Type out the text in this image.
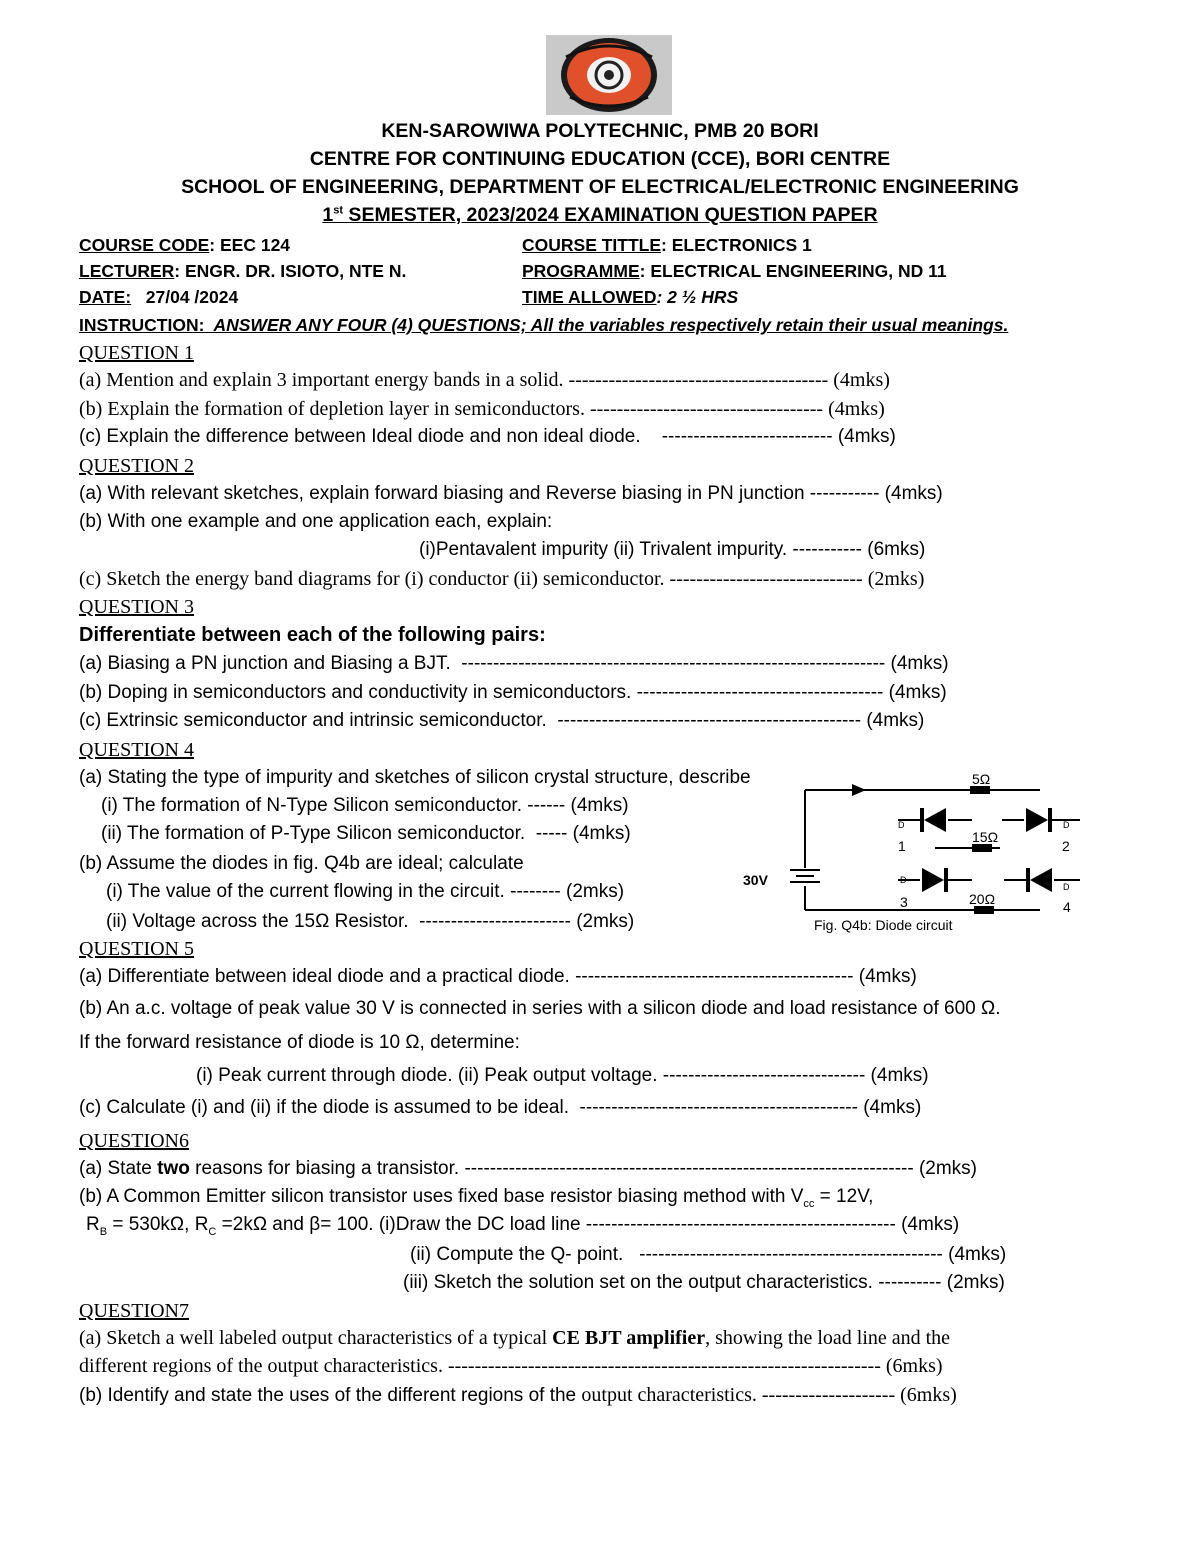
KEN-SAROWIWA POLYTECHNIC, PMB 20 BORI
CENTRE FOR CONTINUING EDUCATION (CCE), BORI CENTRE
SCHOOL OF ENGINEERING, DEPARTMENT OF ELECTRICAL/ELECTRONIC ENGINEERING
1st SEMESTER, 2023/2024 EXAMINATION QUESTION PAPER
COURSE CODE: EEC 124	COURSE TITTLE: ELECTRONICS 1
LECTURER: ENGR. DR. ISIOTO, NTE N.	PROGRAMME: ELECTRICAL ENGINEERING, ND 11
DATE:   27/04 /2024	TIME ALLOWED: 2 ½ HRS
INSTRUCTION:  ANSWER ANY FOUR (4) QUESTIONS; All the variables respectively retain their usual meanings.
QUESTION 1
(a) Mention and explain 3 important energy bands in a solid. --------------------------------------- (4mks)
(b) Explain the formation of depletion layer in semiconductors. ----------------------------------- (4mks)
(c) Explain the difference between Ideal diode and non ideal diode.    --------------------------- (4mks)
QUESTION 2
(a) With relevant sketches, explain forward biasing and Reverse biasing in PN junction ----------- (4mks)
(b) With one example and one application each, explain:
(i)Pentavalent impurity (ii) Trivalent impurity. ----------- (6mks)
(c) Sketch the energy band diagrams for (i) conductor (ii) semiconductor. ----------------------------- (2mks)
QUESTION 3
Differentiate between each of the following pairs:
(a) Biasing a PN junction and Biasing a BJT.  ------------------------------------------------------------------- (4mks)
(b) Doping in semiconductors and conductivity in semiconductors. --------------------------------------- (4mks)
(c) Extrinsic semiconductor and intrinsic semiconductor.  ------------------------------------------------ (4mks)
QUESTION 4
(a) Stating the type of impurity and sketches of silicon crystal structure, describe
(i) The formation of N-Type Silicon semiconductor. ------ (4mks)
(ii) The formation of P-Type Silicon semiconductor.  ----- (4mks)
(b) Assume the diodes in fig. Q4b are ideal; calculate
(i) The value of the current flowing in the circuit. -------- (2mks)
(ii) Voltage across the 15Ω Resistor.  ------------------------ (2mks)
30V
5Ω
15Ω
20Ω
1	2
3	4
Fig. Q4b: Diode circuit
D	D
D
D
QUESTION 5
(a) Differentiate between ideal diode and a practical diode. -------------------------------------------- (4mks)
(b) An a.c. voltage of peak value 30 V is connected in series with a silicon diode and load resistance of 600 Ω.
If the forward resistance of diode is 10 Ω, determine:
(i) Peak current through diode. (ii) Peak output voltage. -------------------------------- (4mks)
(c) Calculate (i) and (ii) if the diode is assumed to be ideal.  -------------------------------------------- (4mks)
QUESTION6
(a) State two reasons for biasing a transistor. ----------------------------------------------------------------------- (2mks)
(b) A Common Emitter silicon transistor uses fixed base resistor biasing method with $V_{cc} = 12V$,
$R_B = 530k\Omega$, $R_C =2k\Omega$ and β= 100. (i)Draw the DC load line ------------------------------------------------- (4mks)
(ii) Compute the Q- point.   ------------------------------------------------ (4mks)
(iii) Sketch the solution set on the output characteristics. ---------- (2mks)
QUESTION7
(a) Sketch a well labeled output characteristics of a typical CE BJT amplifier, showing the load line and the
different regions of the output characteristics. ----------------------------------------------------------------- (6mks)
(b) Identify and state the uses of the different regions of the output characteristics. -------------------- (6mks)
